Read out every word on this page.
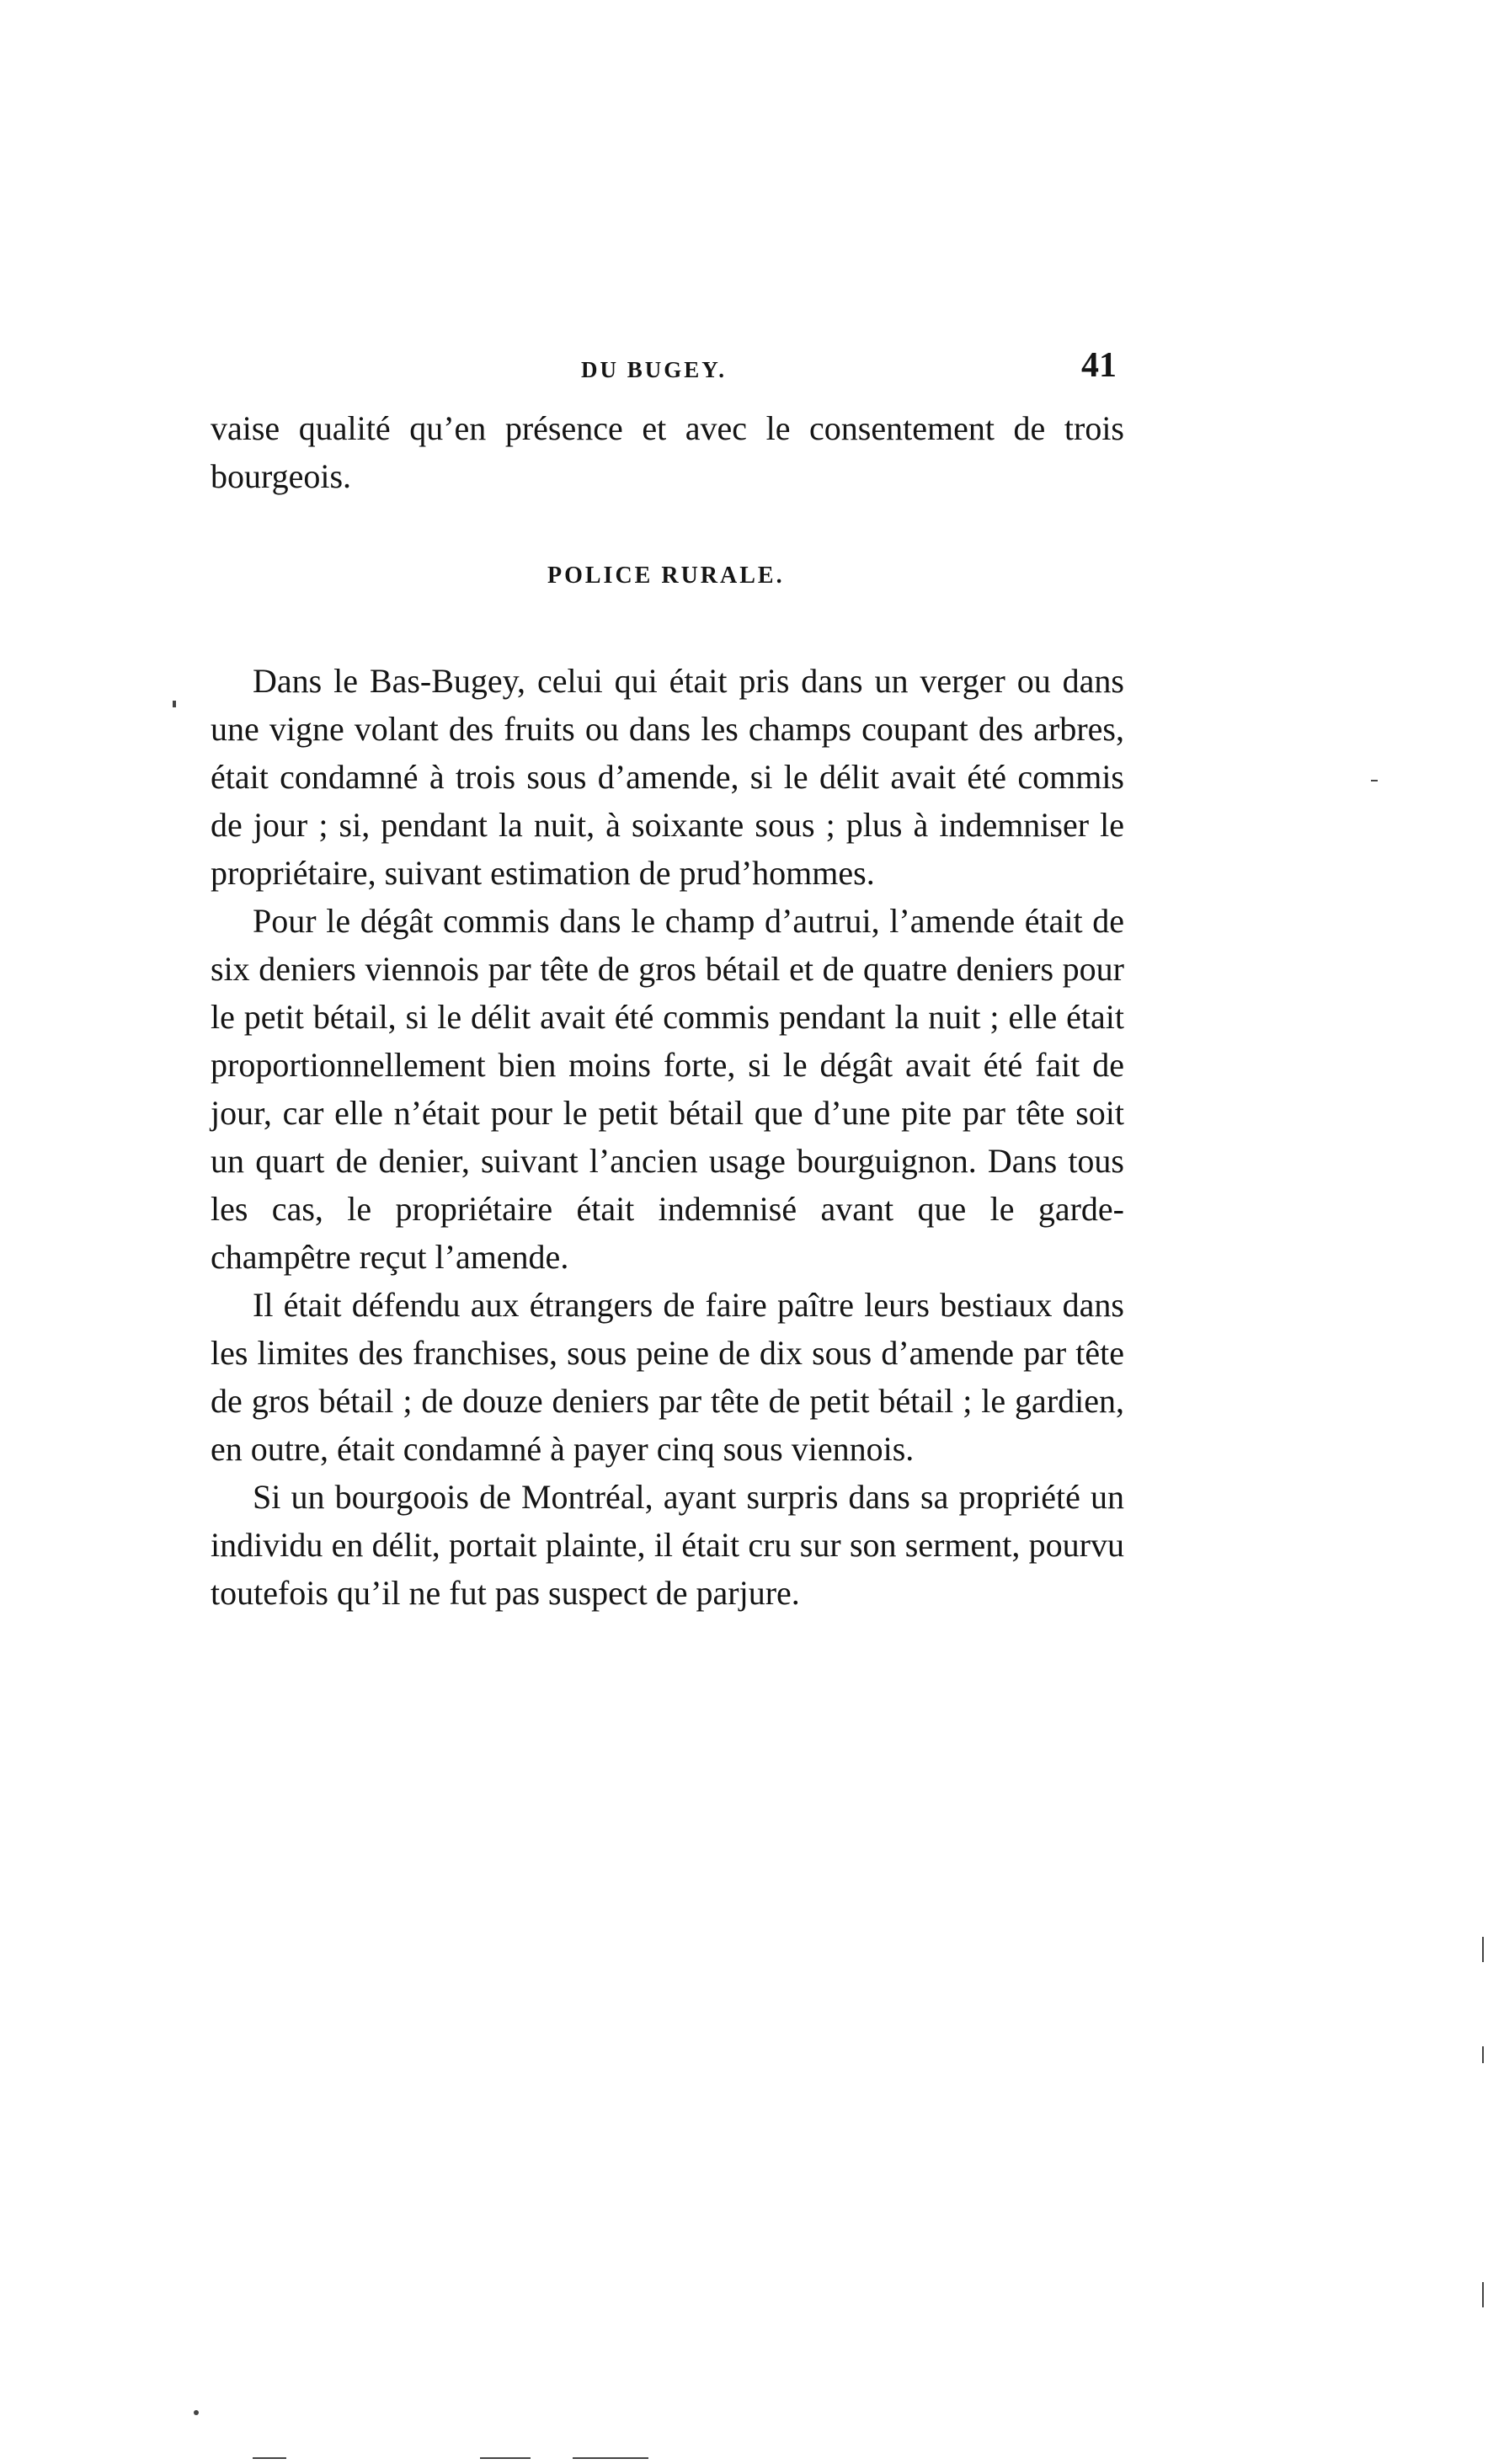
DU BUGEY.	41

vaise qualité qu’en présence et avec le consentement de trois bourgeois.

POLICE RURALE.

Dans le Bas-Bugey, celui qui était pris dans un verger ou dans une vigne volant des fruits ou dans les champs coupant des arbres, était condamné à trois sous d’amende, si le délit avait été commis de jour ; si, pendant la nuit, à soixante sous ; plus à indemniser le propriétaire, suivant estimation de prud’hommes.

Pour le dégât commis dans le champ d’autrui, l’amende était de six deniers viennois par tête de gros bétail et de quatre deniers pour le petit bétail, si le délit avait été commis pendant la nuit ; elle était proportionnellement bien moins forte, si le dégât avait été fait de jour, car elle n’était pour le petit bétail que d’une pite par tête soit un quart de denier, suivant l’ancien usage bourguignon. Dans tous les cas, le propriétaire était indemnisé avant que le garde-champêtre reçut l’amende.

Il était défendu aux étrangers de faire paître leurs bestiaux dans les limites des franchises, sous peine de dix sous d’amende par tête de gros bétail ; de douze deniers par tête de petit bétail ; le gardien, en outre, était condamné à payer cinq sous viennois.

Si un bourgoois de Montréal, ayant surpris dans sa propriété un individu en délit, portait plainte, il était cru sur son serment, pourvu toutefois qu’il ne fut pas suspect de parjure.
